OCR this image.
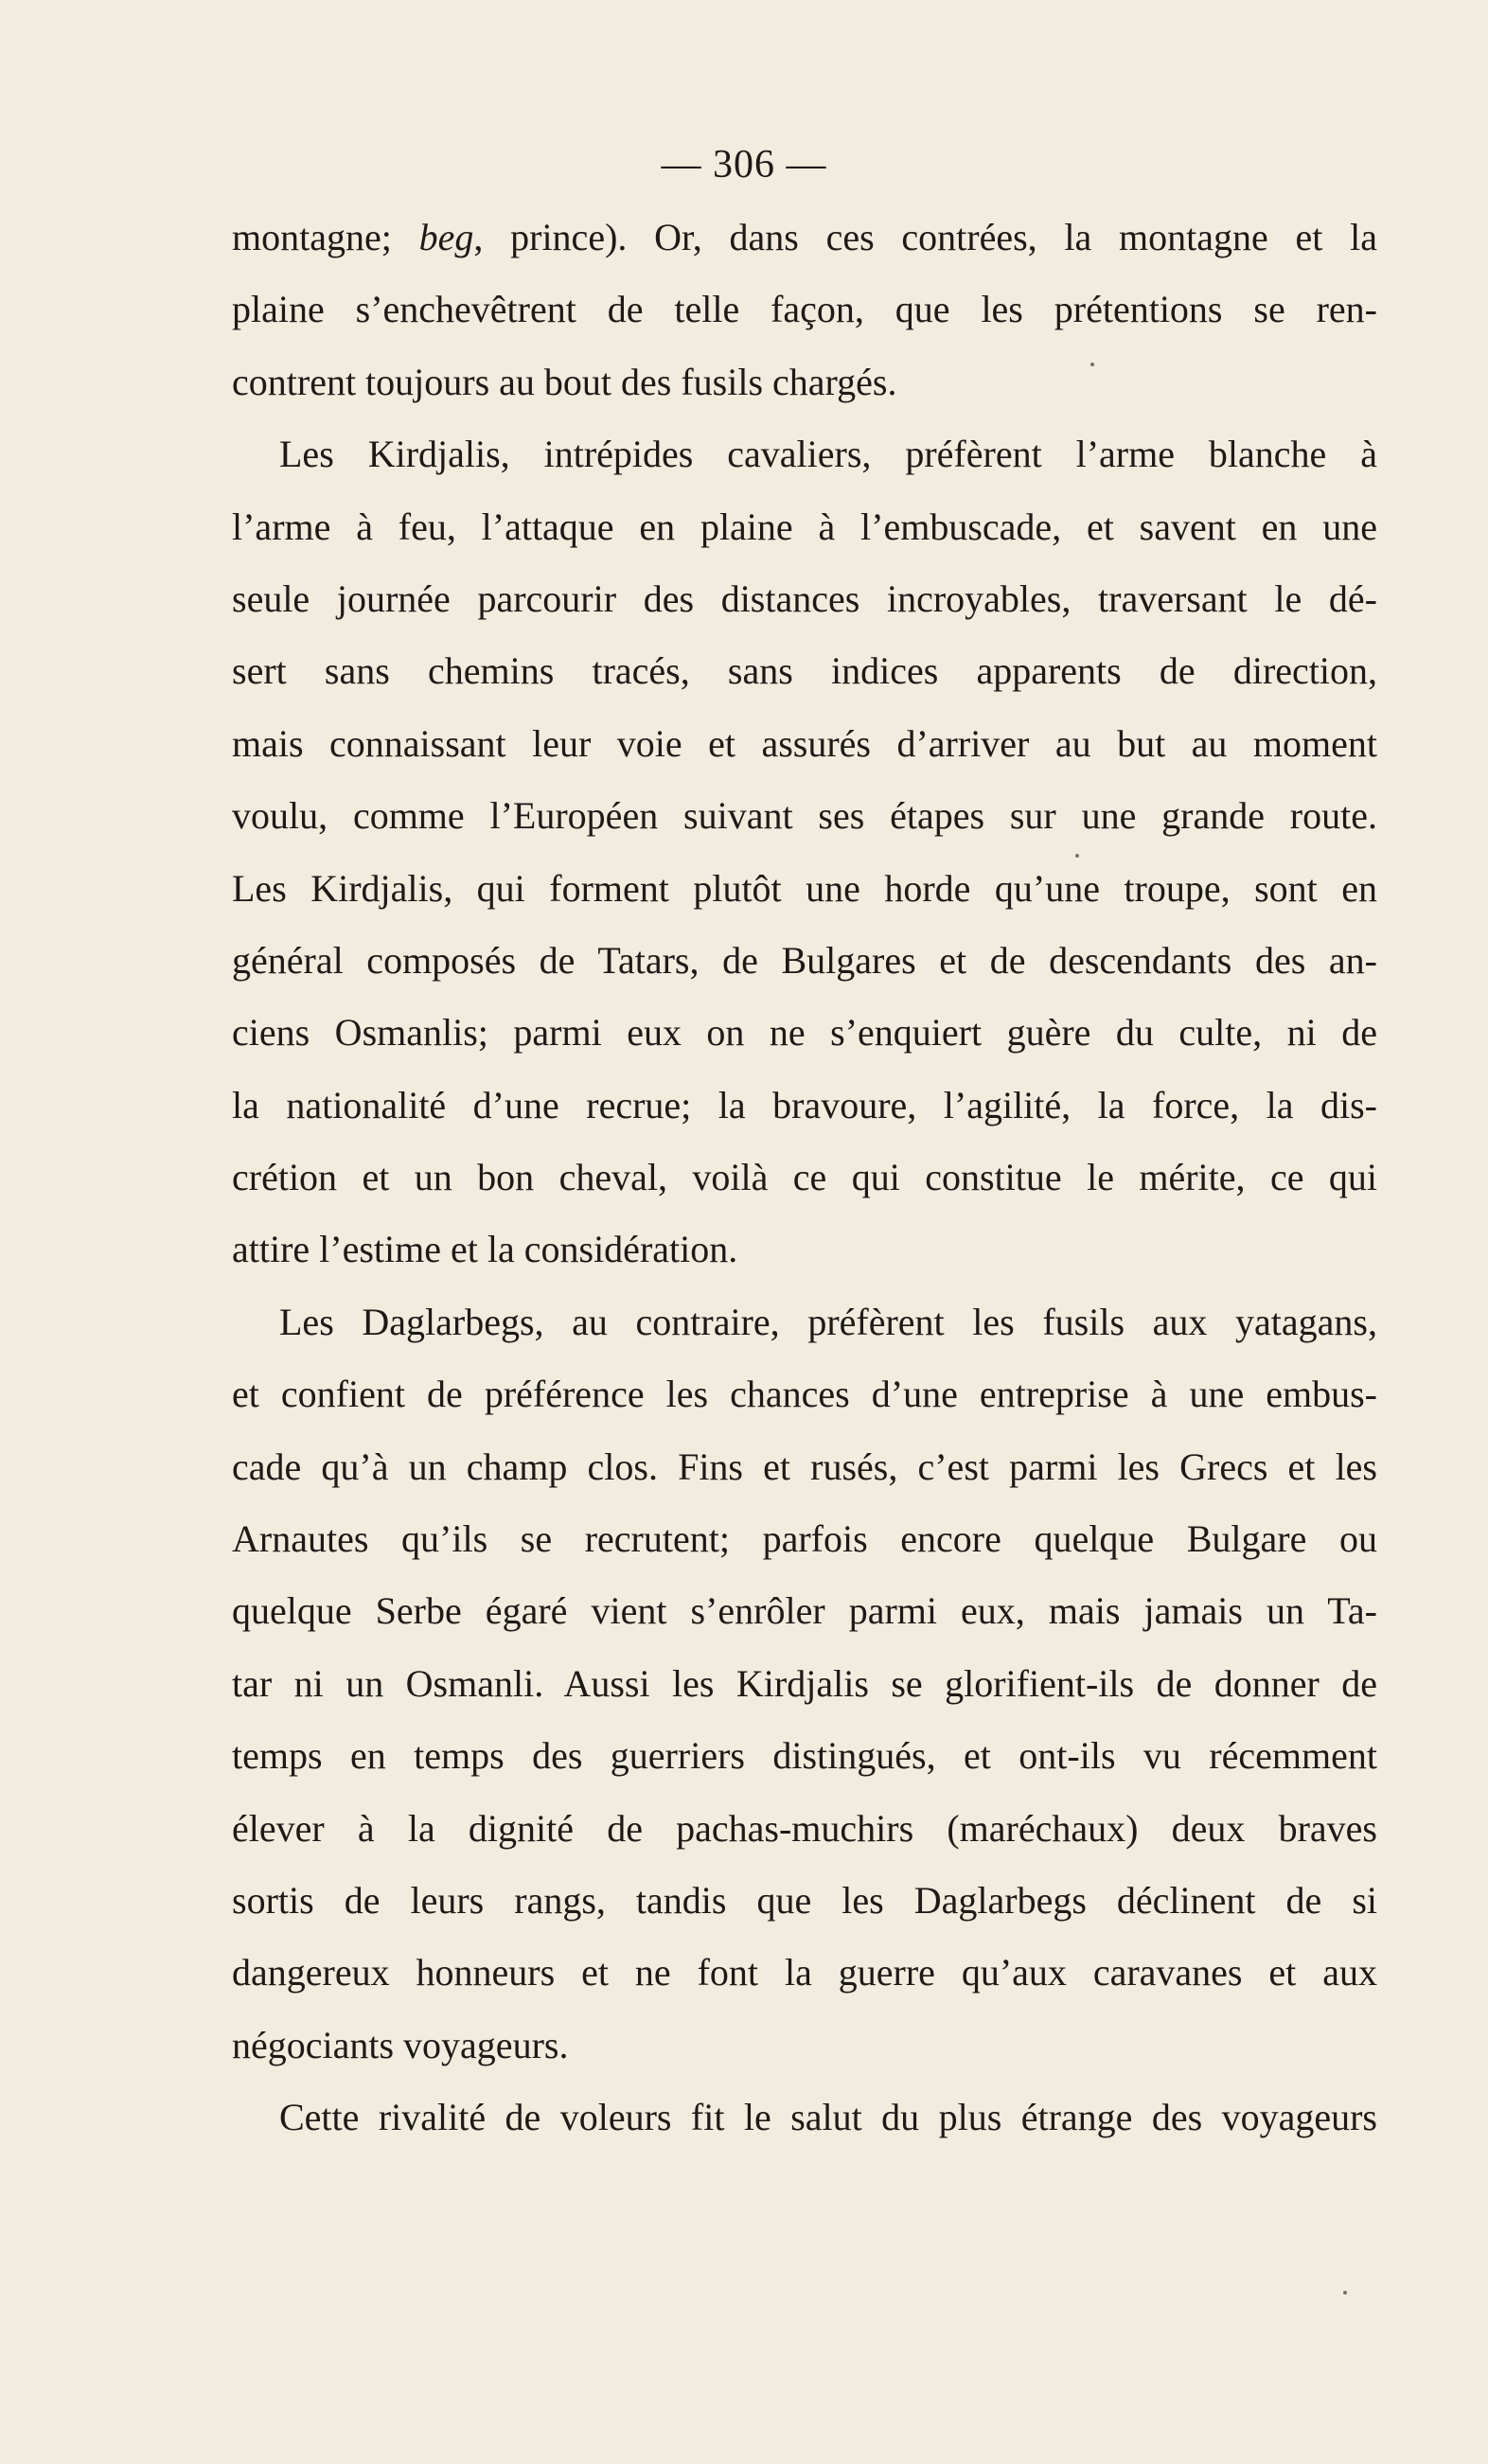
— 306 —
montagne; beg, prince). Or, dans ces contrées, la montagne et la
plaine s’enchevêtrent de telle façon, que les prétentions se ren-
contrent toujours au bout des fusils chargés.
Les Kirdjalis, intrépides cavaliers, préfèrent l’arme blanche à
l’arme à feu, l’attaque en plaine à l’embuscade, et savent en une
seule journée parcourir des distances incroyables, traversant le dé-
sert sans chemins tracés, sans indices apparents de direction,
mais connaissant leur voie et assurés d’arriver au but au moment
voulu, comme l’Européen suivant ses étapes sur une grande route.
Les Kirdjalis, qui forment plutôt une horde qu’une troupe, sont en
général composés de Tatars, de Bulgares et de descendants des an-
ciens Osmanlis; parmi eux on ne s’enquiert guère du culte, ni de
la nationalité d’une recrue; la bravoure, l’agilité, la force, la dis-
crétion et un bon cheval, voilà ce qui constitue le mérite, ce qui
attire l’estime et la considération.
Les Daglarbegs, au contraire, préfèrent les fusils aux yatagans,
et confient de préférence les chances d’une entreprise à une embus-
cade qu’à un champ clos. Fins et rusés, c’est parmi les Grecs et les
Arnautes qu’ils se recrutent; parfois encore quelque Bulgare ou
quelque Serbe égaré vient s’enrôler parmi eux, mais jamais un Ta-
tar ni un Osmanli. Aussi les Kirdjalis se glorifient-ils de donner de
temps en temps des guerriers distingués, et ont-ils vu récemment
élever à la dignité de pachas-muchirs (maréchaux) deux braves
sortis de leurs rangs, tandis que les Daglarbegs déclinent de si
dangereux honneurs et ne font la guerre qu’aux caravanes et aux
négociants voyageurs.
Cette rivalité de voleurs fit le salut du plus étrange des voyageurs
